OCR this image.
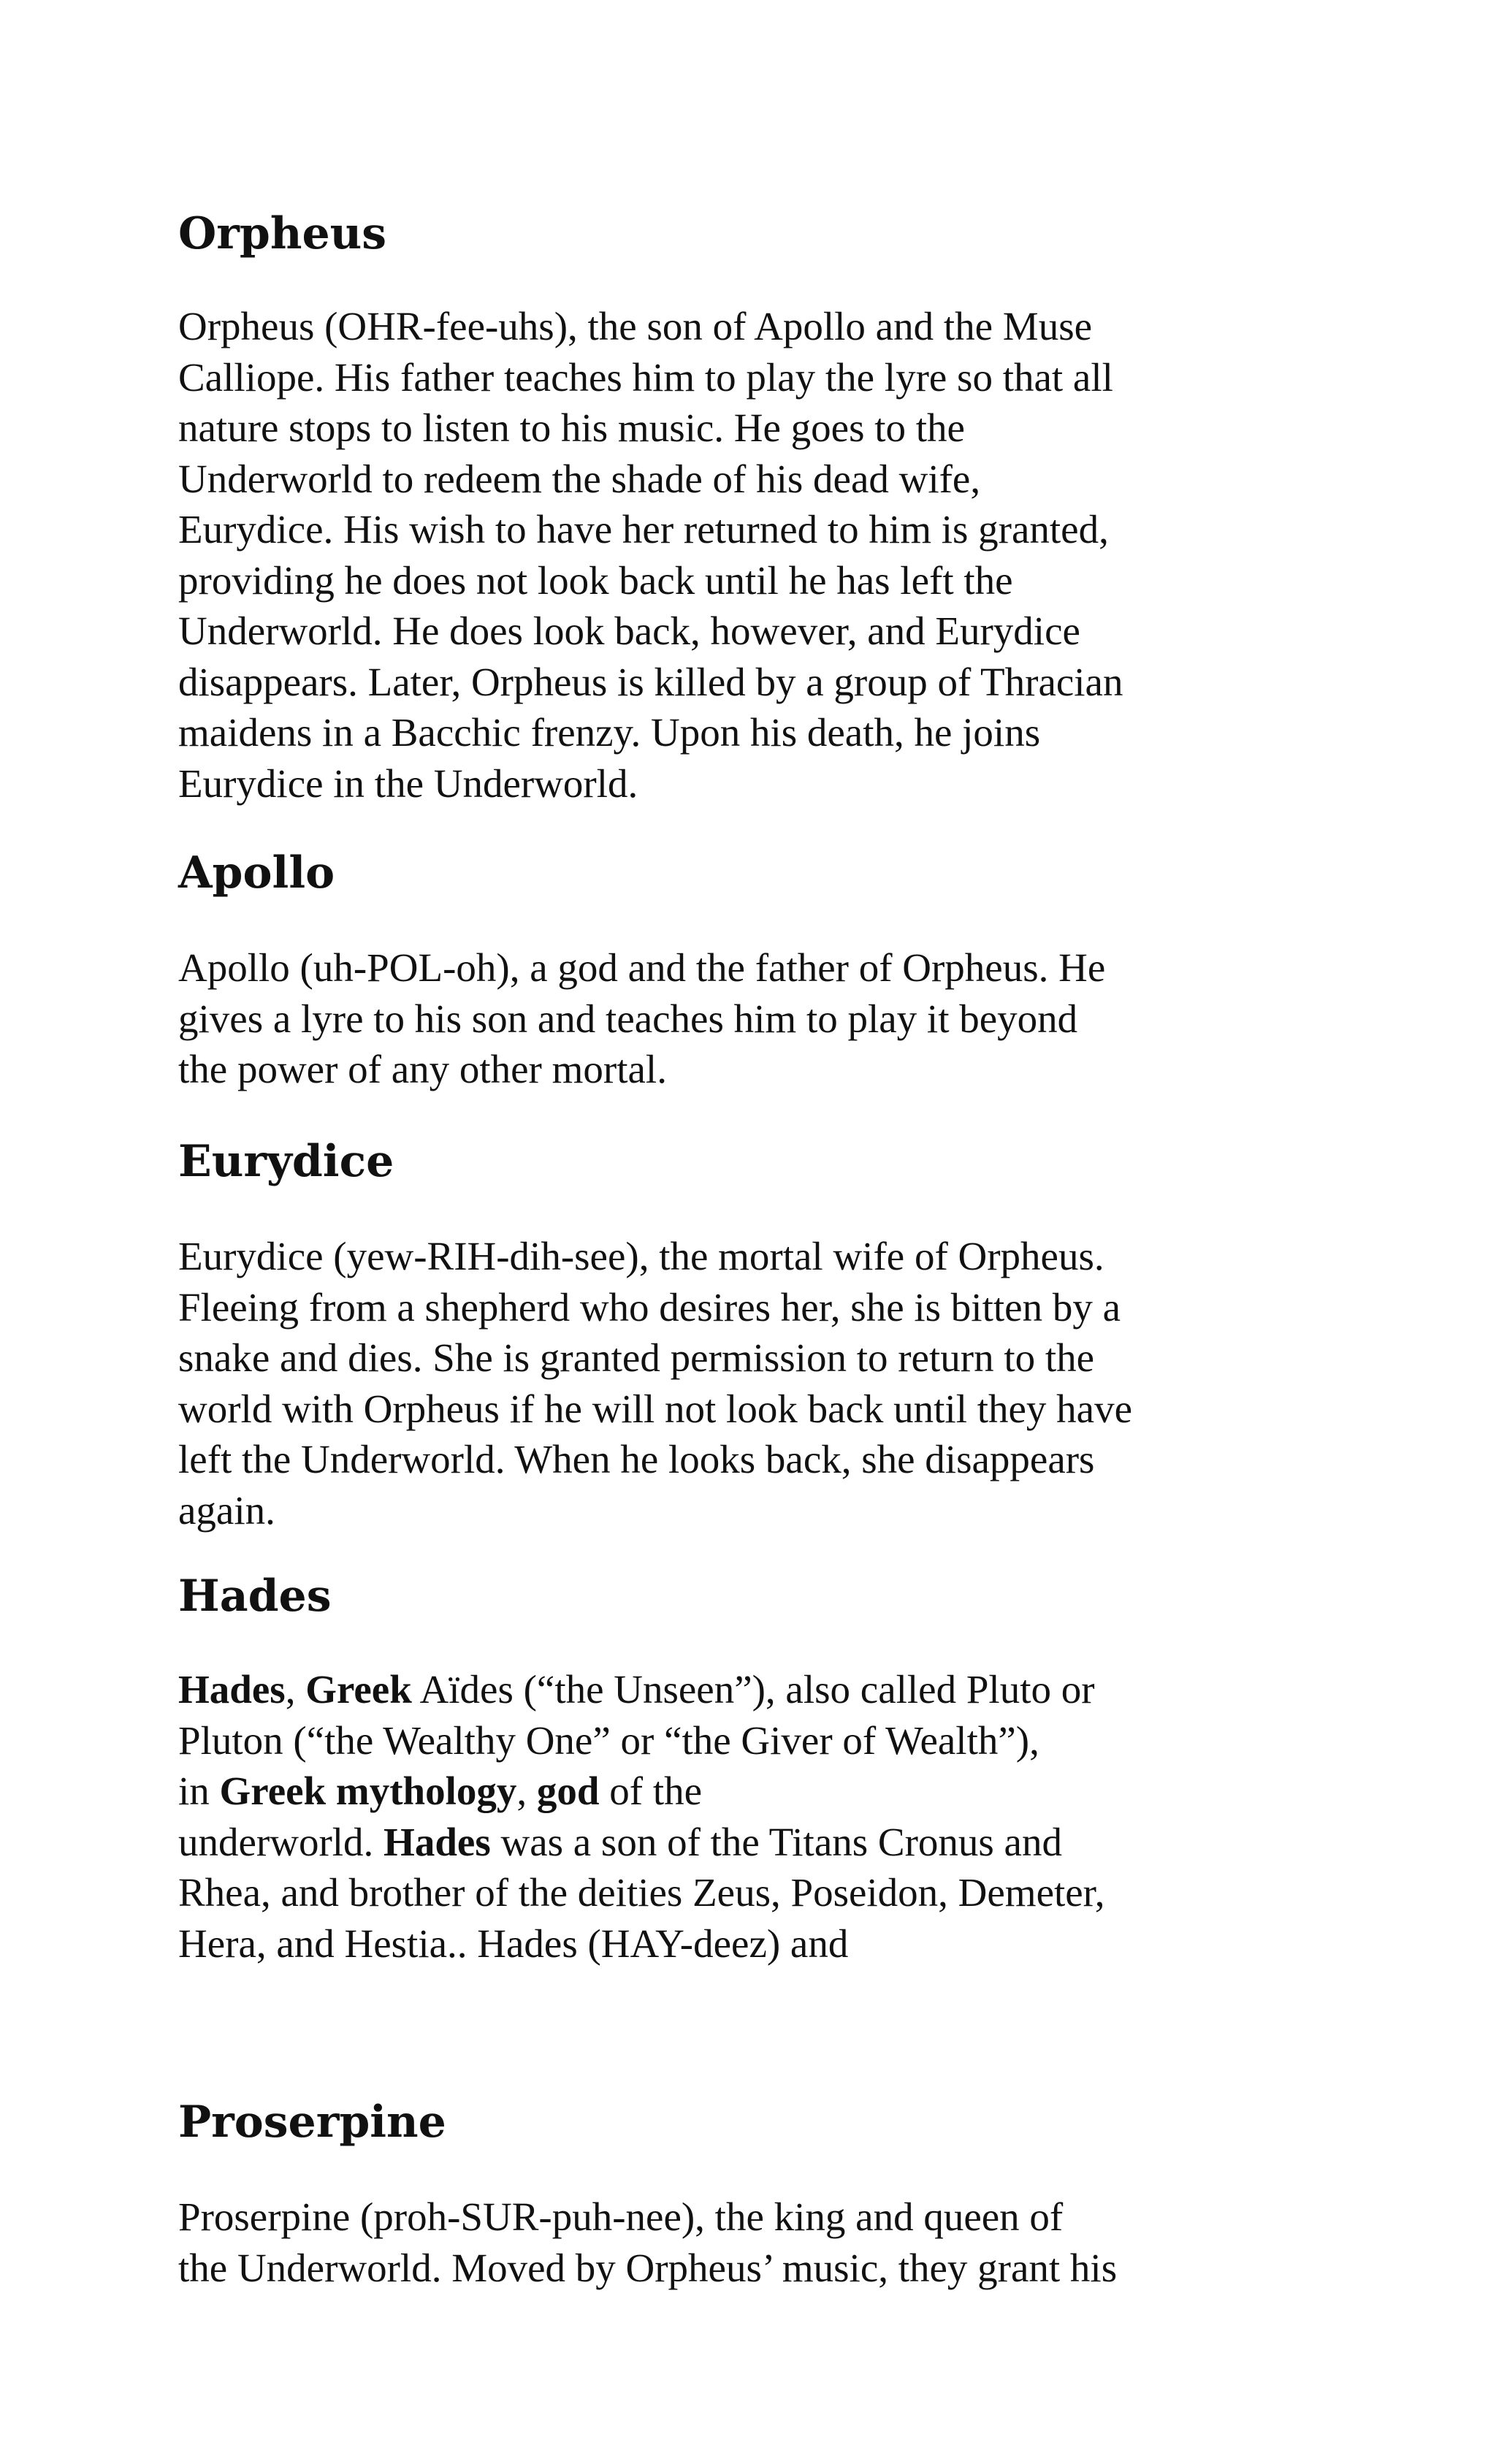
Orpheus
Orpheus (OHR-fee-uhs), the son of Apollo and the Muse
Calliope. His father teaches him to play the lyre so that all
nature stops to listen to his music. He goes to the
Underworld to redeem the shade of his dead wife,
Eurydice. His wish to have her returned to him is granted,
providing he does not look back until he has left the
Underworld. He does look back, however, and Eurydice
disappears. Later, Orpheus is killed by a group of Thracian
maidens in a Bacchic frenzy. Upon his death, he joins
Eurydice in the Underworld.
Apollo
Apollo (uh-POL-oh), a god and the father of Orpheus. He
gives a lyre to his son and teaches him to play it beyond
the power of any other mortal.
Eurydice
Eurydice (yew-RIH-dih-see), the mortal wife of Orpheus.
Fleeing from a shepherd who desires her, she is bitten by a
snake and dies. She is granted permission to return to the
world with Orpheus if he will not look back until they have
left the Underworld. When he looks back, she disappears
again.
Hades
Hades, Greek Aïdes (“the Unseen”), also called Pluto or
Pluton (“the Wealthy One” or “the Giver of Wealth”),
in Greek mythology, god of the
underworld. Hades was a son of the Titans Cronus and
Rhea, and brother of the deities Zeus, Poseidon, Demeter,
Hera, and Hestia.. Hades (HAY-deez) and
Proserpine
Proserpine (proh-SUR-puh-nee), the king and queen of
the Underworld. Moved by Orpheus’ music, they grant his
